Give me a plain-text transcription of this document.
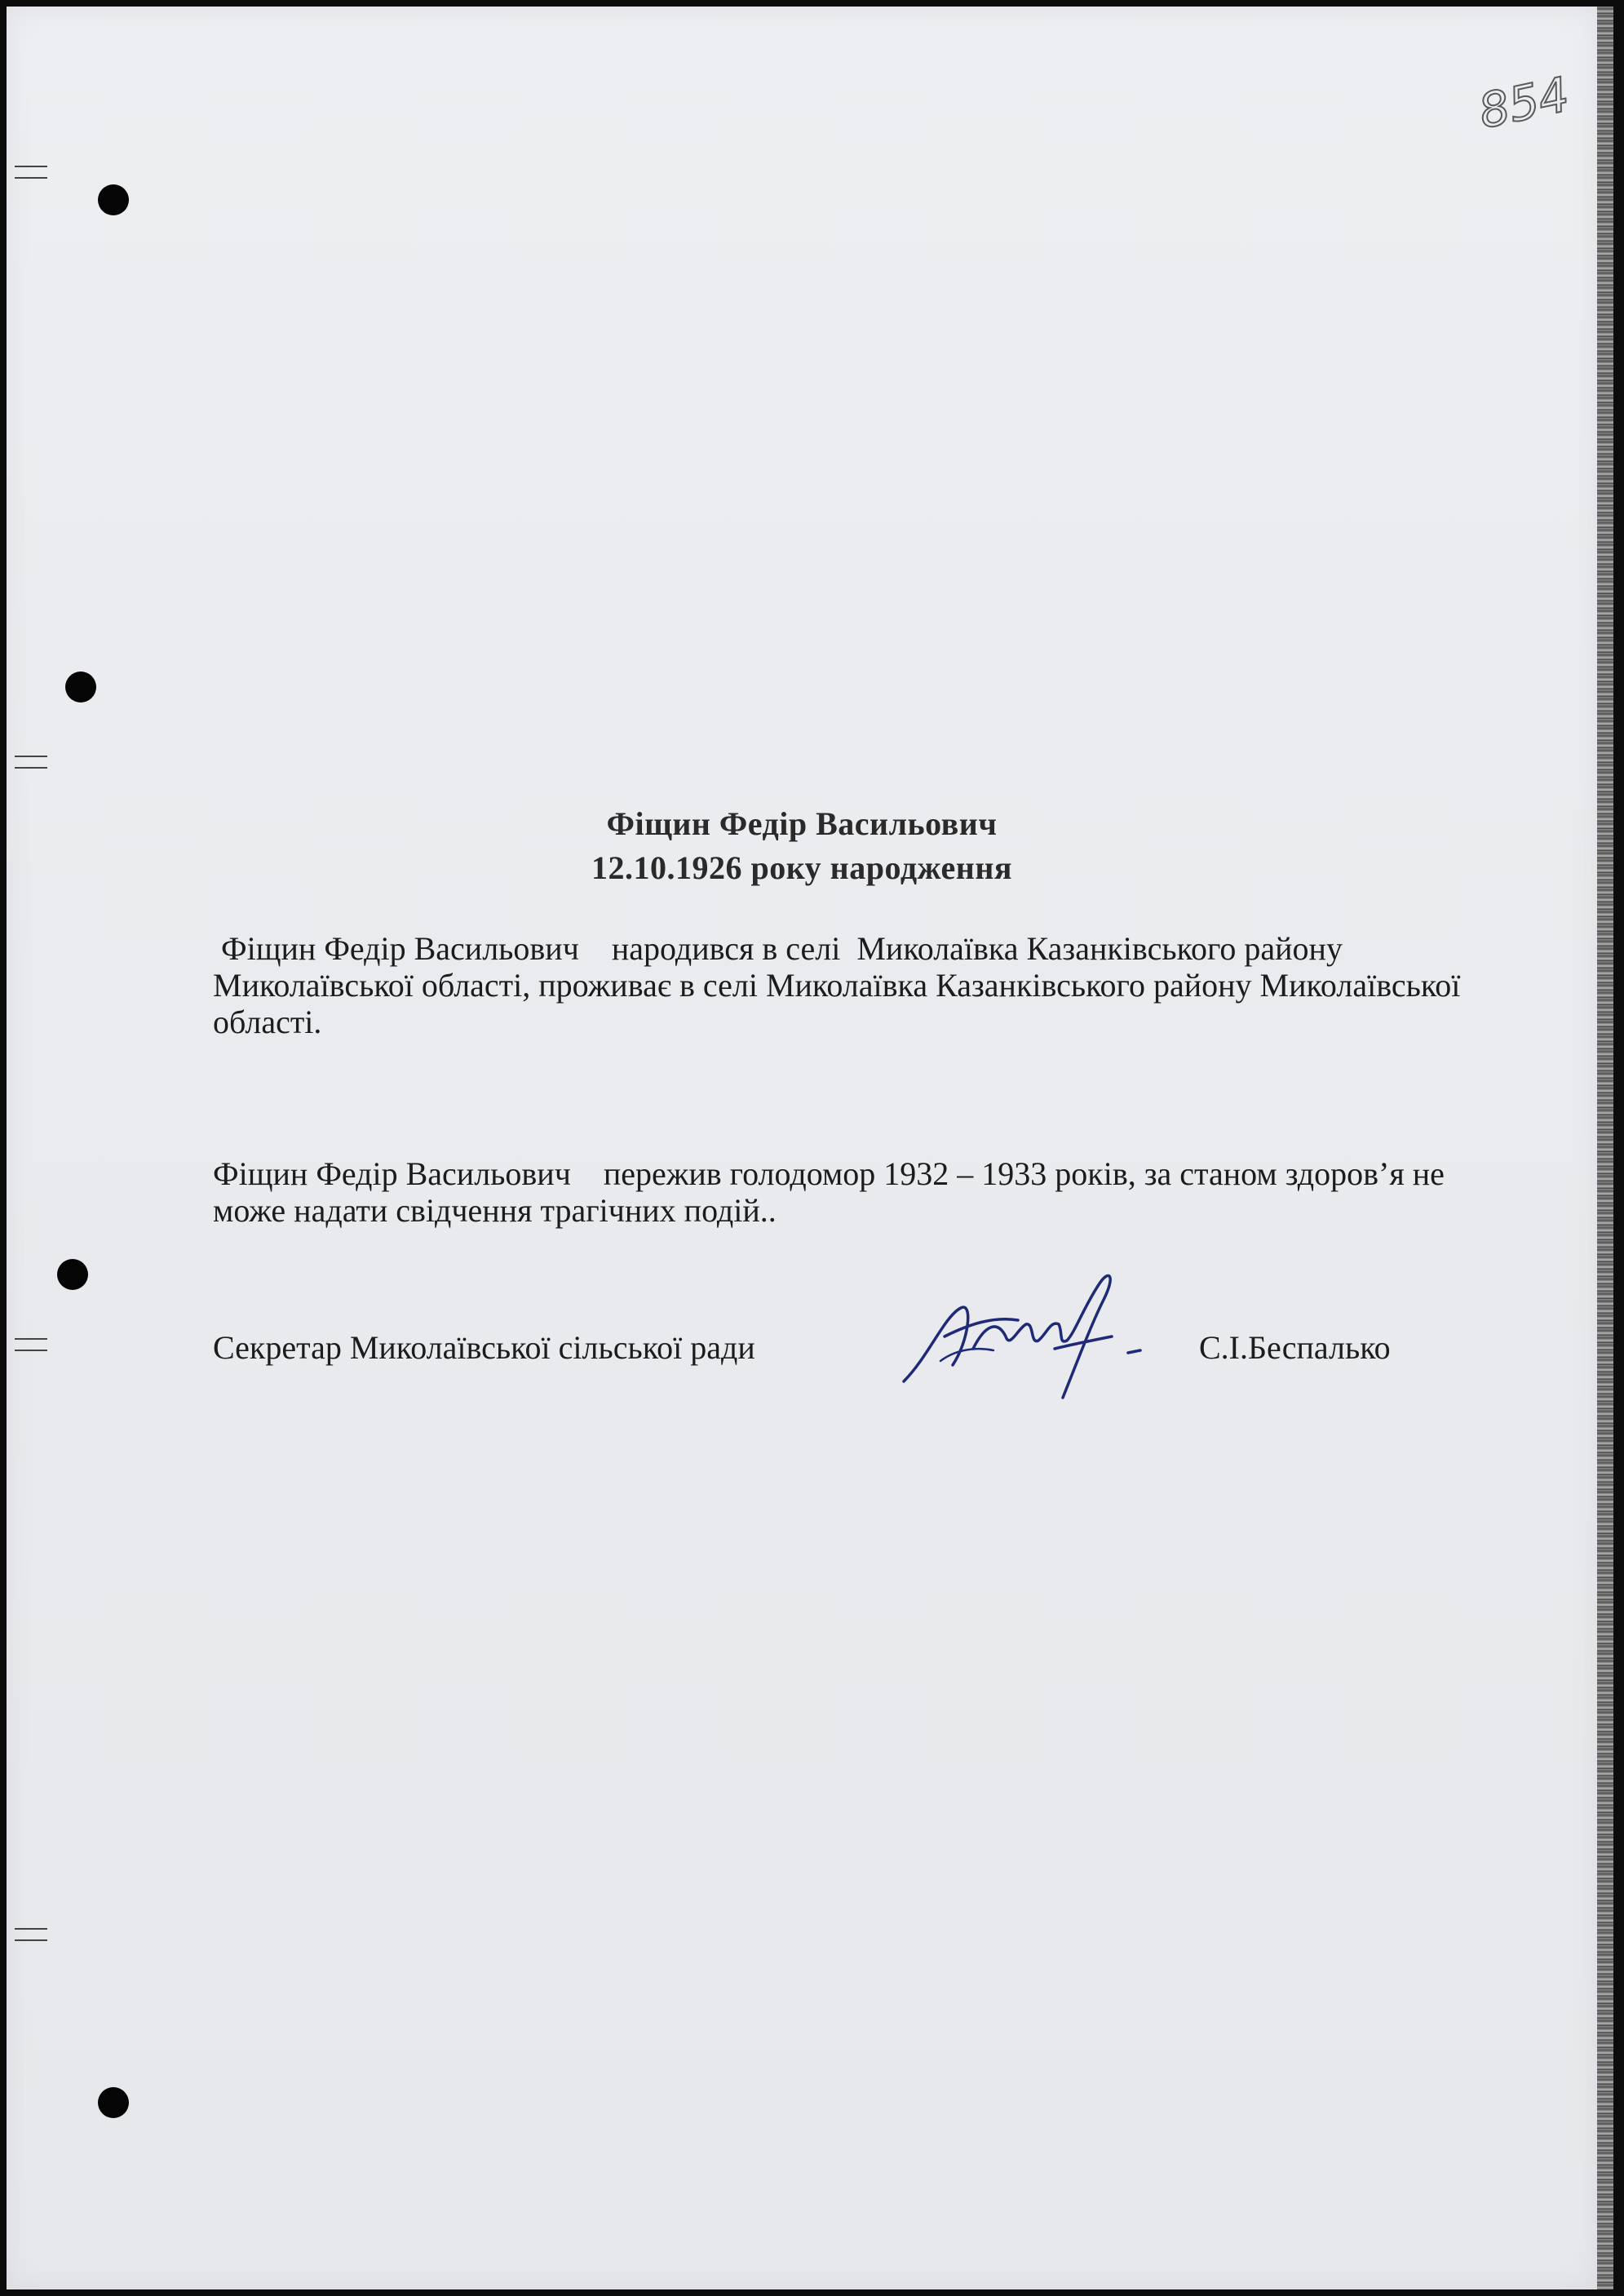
854
Фіщин Федір Васильович
12.10.1926 року народження
Фіщин Федір Васильович    народився в селі  Миколаївка Казанківського району Миколаївської області, проживає в селі Миколаївка Казанківського району Миколаївської області.
Фіщин Федір Васильович    пережив голодомор 1932 – 1933 років, за станом здоров’я не може надати свідчення трагічних подій..
Секретар Миколаївської сільської ради	С.І.Беспалько
